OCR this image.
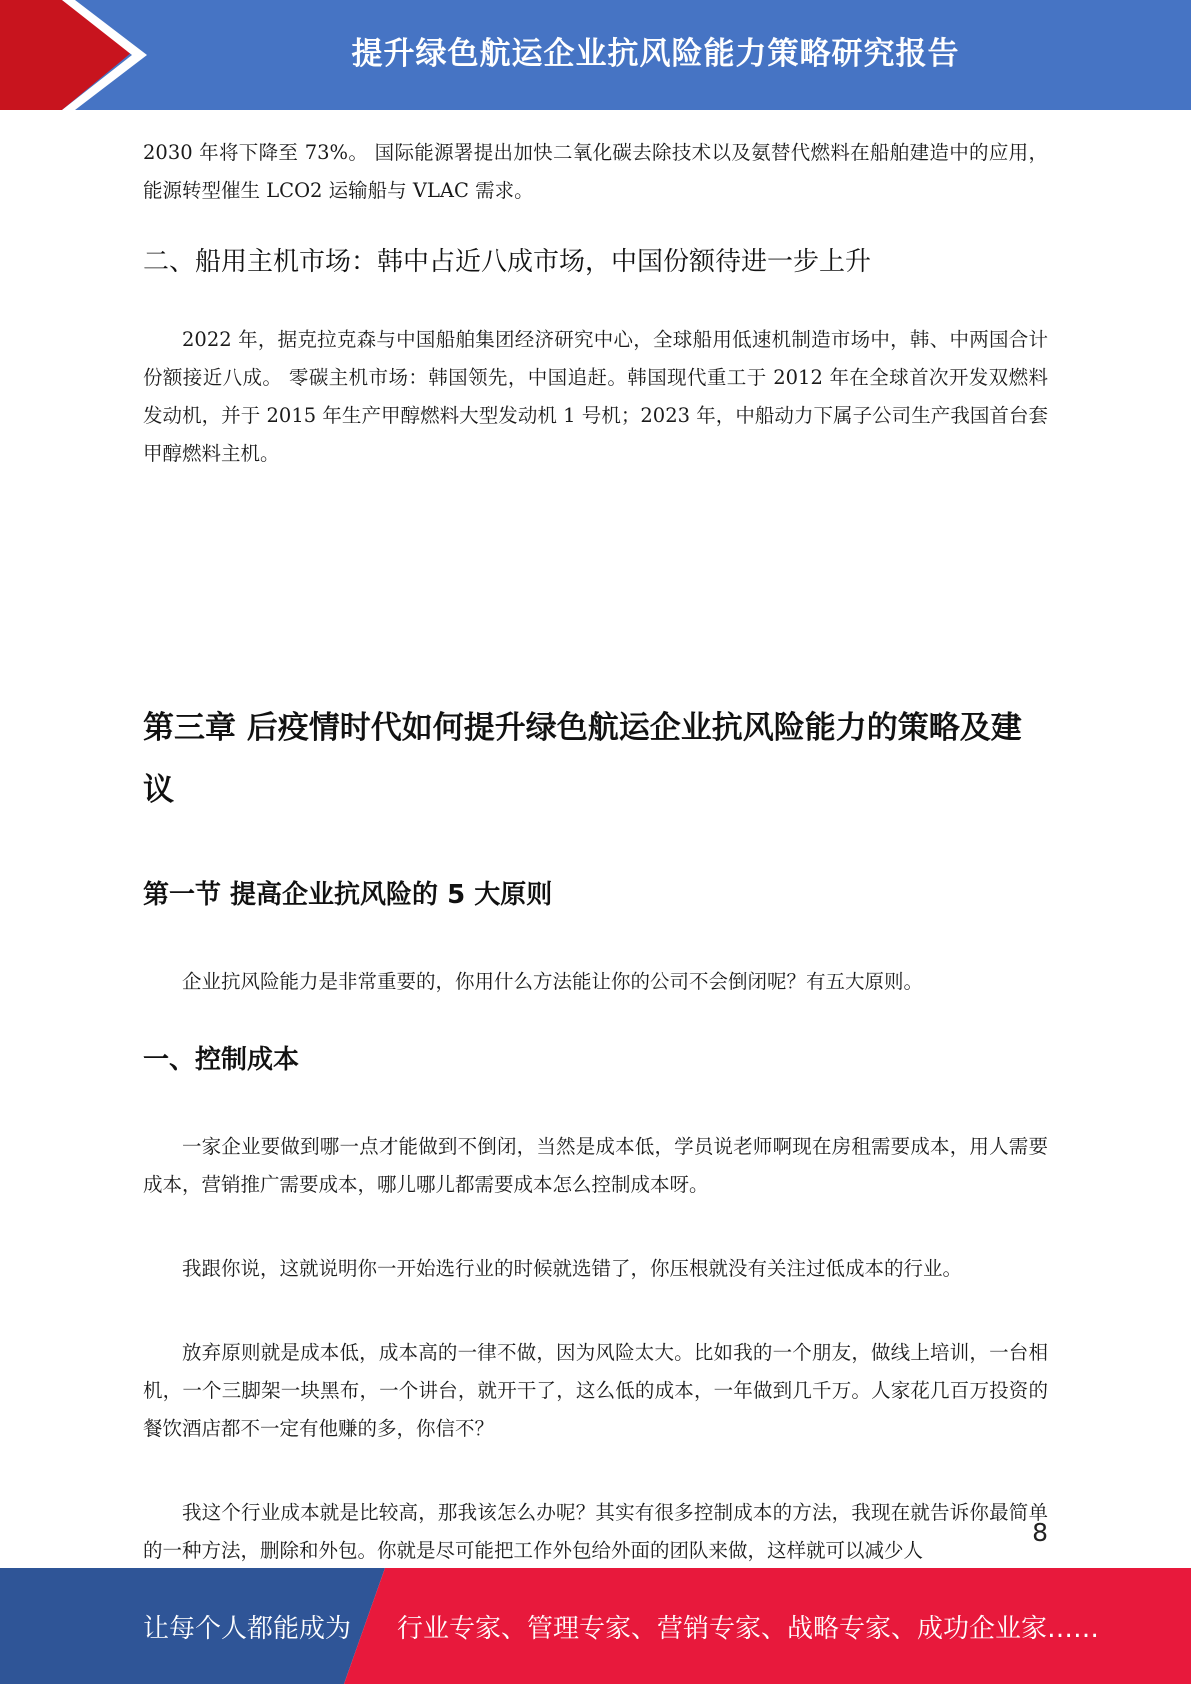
提升绿色航运企业抗风险能力策略研究报告

2030 年将下降至 73%。 国际能源署提出加快二氧化碳去除技术以及氨替代燃料在船舶建造中的应用，能源转型催生 LCO2 运输船与 VLAC 需求。

二、船用主机市场：韩中占近八成市场，中国份额待进一步上升

2022 年，据克拉克森与中国船舶集团经济研究中心，全球船用低速机制造市场中，韩、中两国合计份额接近八成。 零碳主机市场：韩国领先，中国追赶。韩国现代重工于 2012 年在全球首次开发双燃料发动机，并于 2015 年生产甲醇燃料大型发动机 1 号机；2023 年，中船动力下属子公司生产我国首台套甲醇燃料主机。

第三章 后疫情时代如何提升绿色航运企业抗风险能力的策略及建议
第一节 提高企业抗风险的 5 大原则

企业抗风险能力是非常重要的，你用什么方法能让你的公司不会倒闭呢？有五大原则。

一、控制成本

一家企业要做到哪一点才能做到不倒闭，当然是成本低，学员说老师啊现在房租需要成本，用人需要成本，营销推广需要成本，哪儿哪儿都需要成本怎么控制成本呀。

我跟你说，这就说明你一开始选行业的时候就选错了，你压根就没有关注过低成本的行业。

放弃原则就是成本低，成本高的一律不做，因为风险太大。比如我的一个朋友，做线上培训，一台相机，一个三脚架一块黑布，一个讲台，就开干了，这么低的成本，一年做到几千万。人家花几百万投资的餐饮酒店都不一定有他赚的多，你信不？

我这个行业成本就是比较高，那我该怎么办呢？其实有很多控制成本的方法，我现在就告诉你最简单的一种方法，删除和外包。你就是尽可能把工作外包给外面的团队来做，这样就可以减少人

8
让每个人都能成为 行业专家、管理专家、营销专家、战略专家、成功企业家……
